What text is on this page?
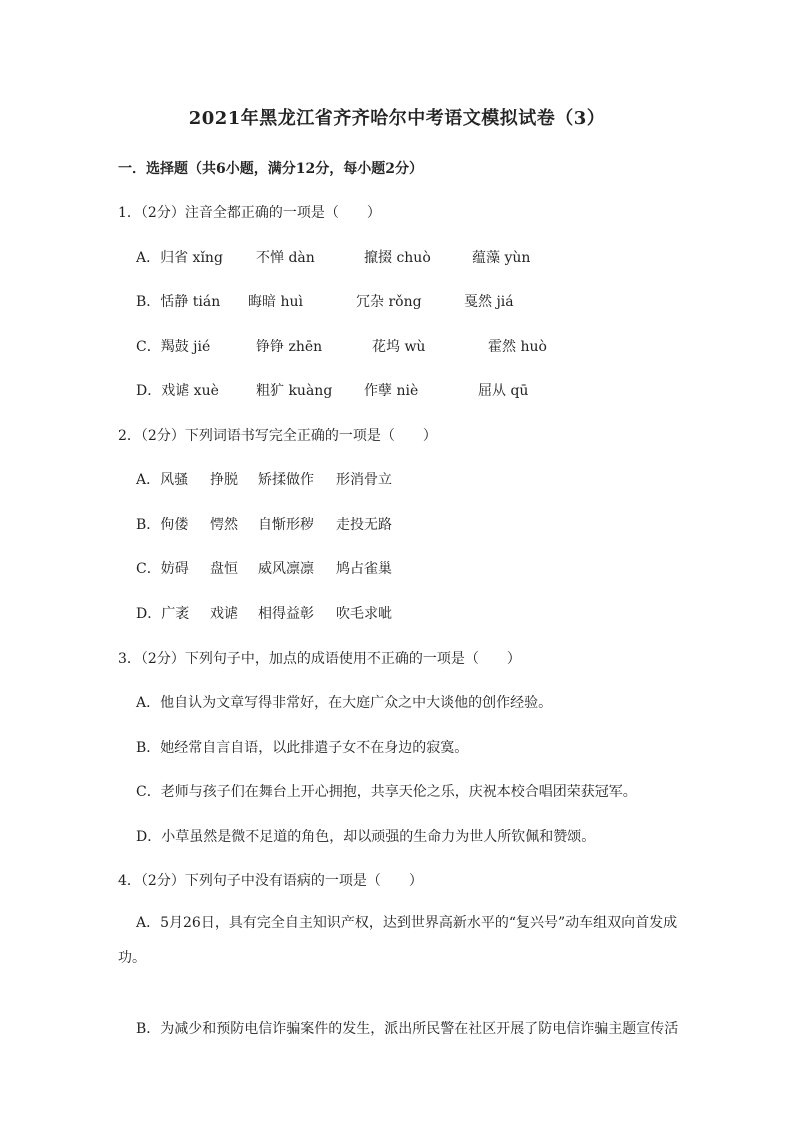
2021年黑龙江省齐齐哈尔中考语文模拟试卷（3）
一．选择题（共6小题，满分12分，每小题2分）
1．（2分）注音全都正确的一项是（　　）
A．归省 xǐng 不惮 dàn	攛掇 chuò	蕴藻 yùn
B．恬静 tián 晦暗 huì	冗杂 rǒng	戛然 jiá
C．羯鼓 jié	铮铮 zhēn	花坞 wù	霍然 huò
D．戏谑 xuè	粗犷 kuàng 作孽 niè	屈从 qū
2．（2分）下列词语书写完全正确的一项是（　　）
A．风骚 挣脱 矫揉做作 形消骨立
B．佝偻 愕然 自惭形秽 走投无路
C．妨碍 盘恒 威风凛凛 鸠占雀巢
D．广袤 戏谑 相得益彰 吹毛求呲
3．（2分）下列句子中，加点的成语使用不正确的一项是（　　）
A．他自认为文章写得非常好，在大庭广众之中大谈他的创作经验。
B．她经常自言自语，以此排遣子女不在身边的寂寞。
C．老师与孩子们在舞台上开心拥抱，共享天伦之乐，庆祝本校合唱团荣获冠军。
D．小草虽然是微不足道的角色，却以顽强的生命力为世人所钦佩和赞颂。
4．（2分）下列句子中没有语病的一项是（　　）
A．5月26日，具有完全自主知识产权，达到世界高新水平的“复兴号”动车组双向首发成功。
B．为减少和预防电信诈骗案件的发生，派出所民警在社区开展了防电信诈骗主题宣传活
